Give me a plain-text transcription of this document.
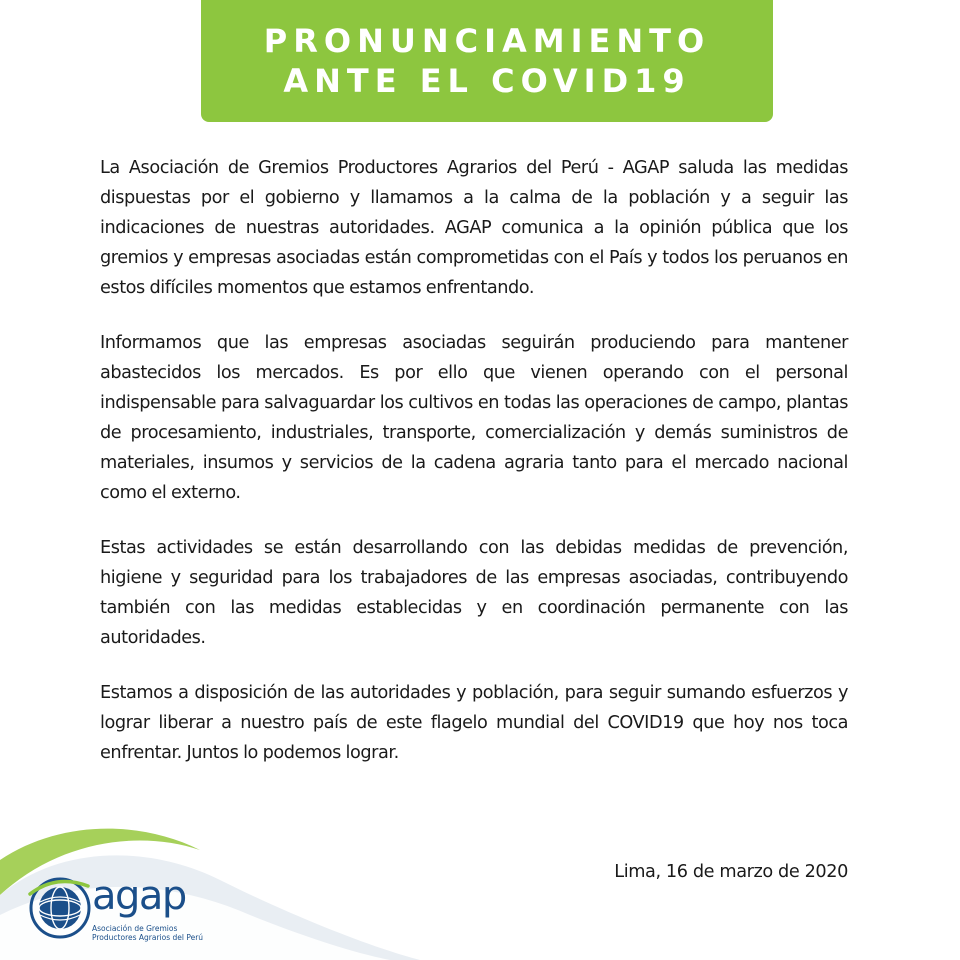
PRONUNCIAMIENTO
ANTE EL COVID19

La Asociación de Gremios Productores Agrarios del Perú - AGAP saluda las medidas dispuestas por el gobierno y llamamos a la calma de la población y a seguir las indicaciones de nuestras autoridades. AGAP comunica a la opinión pública que los gremios y empresas asociadas están comprometidas con el País y todos los peruanos en estos difíciles momentos que estamos enfrentando.

Informamos que las empresas asociadas seguirán produciendo para mantener abastecidos los mercados. Es por ello que vienen operando con el personal indispensable para salvaguardar los cultivos en todas las operaciones de campo, plantas de procesamiento, industriales, transporte, comercialización y demás suministros de materiales, insumos y servicios de la cadena agraria tanto para el mercado nacional como el externo.

Estas actividades se están desarrollando con las debidas medidas de prevención, higiene y seguridad para los trabajadores de las empresas asociadas, contribuyendo también con las medidas establecidas y en coordinación permanente con las autoridades.

Estamos a disposición de las autoridades y población, para seguir sumando esfuerzos y lograr liberar a nuestro país de este flagelo mundial del COVID19 que hoy nos toca enfrentar. Juntos lo podemos lograr.

Lima, 16 de marzo de 2020
agap
Asociación de Gremios
Productores Agrarios del Perú
